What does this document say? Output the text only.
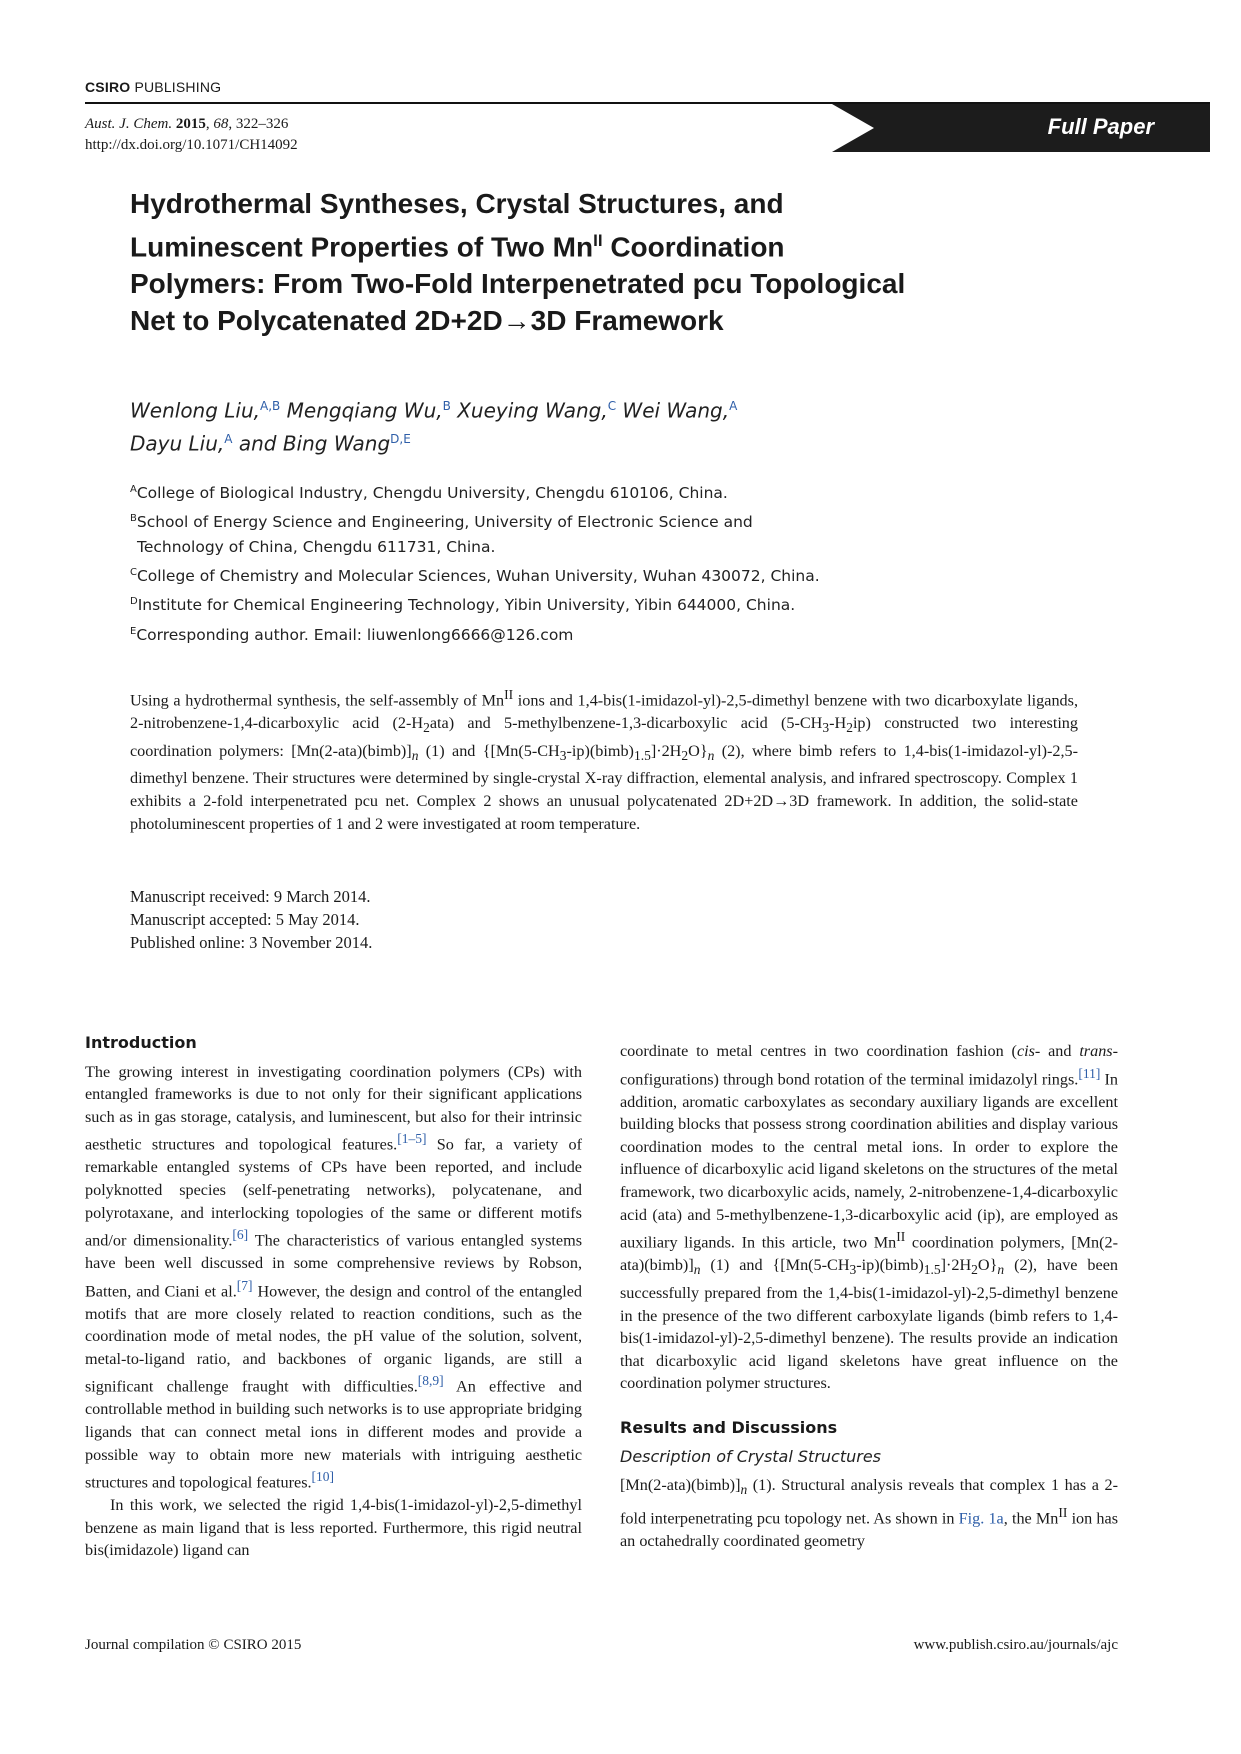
CSIRO PUBLISHING
Aust. J. Chem. 2015, 68, 322–326
http://dx.doi.org/10.1071/CH14092
Full Paper
Hydrothermal Syntheses, Crystal Structures, and
Luminescent Properties of Two $Mn^{II}$ Coordination
Polymers: From Two-Fold Interpenetrated pcu Topological
Net to Polycatenated 2D+2D→3D Framework
Wenlong Liu,$^{A,B}$ Mengqiang Wu,$^B$ Xueying Wang,$^C$ Wei Wang,$^A$
Dayu Liu,$^A$ and Bing Wang$^{D,E}$
$^A$College of Biological Industry, Chengdu University, Chengdu 610106, China.
$^B$School of Energy Science and Engineering, University of Electronic Science and
Technology of China, Chengdu 611731, China.
$^C$College of Chemistry and Molecular Sciences, Wuhan University, Wuhan 430072, China.
$^D$Institute for Chemical Engineering Technology, Yibin University, Yibin 644000, China.
$^E$Corresponding author. Email: liuwenlong6666@126.com
Using a hydrothermal synthesis, the self-assembly of $Mn^{II}$ ions and 1,4-bis(1-imidazol-yl)-2,5-dimethyl benzene with two dicarboxylate ligands, 2-nitrobenzene-1,4-dicarboxylic acid $(2-H_2ata)$ and 5-methylbenzene-1,3-dicarboxylic acid $(5-CH_3-H_2ip)$ constructed two interesting coordination polymers: $[Mn(2-ata)(bimb)]_n$ (1) and $\{[Mn(5-CH_3-ip)(bimb)_{1.5}]\cdot 2H_2O\}_n$ (2), where bimb refers to 1,4-bis(1-imidazol-yl)-2,5-dimethyl benzene. Their structures were determined by single-crystal X-ray diffraction, elemental analysis, and infrared spectroscopy. Complex 1 exhibits a 2-fold interpenetrated pcu net. Complex 2 shows an unusual polycatenated 2D+2D→3D framework. In addition, the solid-state photoluminescent properties of 1 and 2 were investigated at room temperature.
Manuscript received: 9 March 2014.
Manuscript accepted: 5 May 2014.
Published online: 3 November 2014.
Introduction

The growing interest in investigating coordination polymers (CPs) with entangled frameworks is due to not only for their significant applications such as in gas storage, catalysis, and luminescent, but also for their intrinsic aesthetic structures and topological features.[1–5] So far, a variety of remarkable entangled systems of CPs have been reported, and include polyknotted species (self-penetrating networks), polycatenane, and polyrotaxane, and interlocking topologies of the same or different motifs and/or dimensionality.[6] The characteristics of various entangled systems have been well discussed in some comprehensive reviews by Robson, Batten, and Ciani et al.[7] However, the design and control of the entangled motifs that are more closely related to reaction conditions, such as the coordination mode of metal nodes, the pH value of the solution, solvent, metal-to-ligand ratio, and backbones of organic ligands, are still a significant challenge fraught with difficulties.[8,9] An effective and controllable method in building such networks is to use appropriate bridging ligands that can connect metal ions in different modes and provide a possible way to obtain more new materials with intriguing aesthetic structures and topological features.[10]

In this work, we selected the rigid 1,4-bis(1-imidazol-yl)-2,5-dimethyl benzene as main ligand that is less reported. Furthermore, this rigid neutral bis(imidazole) ligand can

coordinate to metal centres in two coordination fashion (cis- and trans-configurations) through bond rotation of the terminal imidazolyl rings.[11] In addition, aromatic carboxylates as secondary auxiliary ligands are excellent building blocks that possess strong coordination abilities and display various coordination modes to the central metal ions. In order to explore the influence of dicarboxylic acid ligand skeletons on the structures of the metal framework, two dicarboxylic acids, namely, 2-nitrobenzene-1,4-dicarboxylic acid (ata) and 5-methylbenzene-1,3-dicarboxylic acid (ip), are employed as auxiliary ligands. In this article, two $Mn^{II}$ coordination polymers, $[Mn(2-ata)(bimb)]_n$ (1) and $\{[Mn(5-CH_3-ip)(bimb)_{1.5}]\cdot 2H_2O\}_n$ (2), have been successfully prepared from the 1,4-bis(1-imidazol-yl)-2,5-dimethyl benzene in the presence of the two different carboxylate ligands (bimb refers to 1,4-bis(1-imidazol-yl)-2,5-dimethyl benzene). The results provide an indication that dicarboxylic acid ligand skeletons have great influence on the coordination polymer structures.

Results and Discussions
Description of Crystal Structures

$[Mn(2-ata)(bimb)]_n$ (1). Structural analysis reveals that complex 1 has a 2-fold interpenetrating pcu topology net. As shown in Fig. 1a, the $Mn^{II}$ ion has an octahedrally coordinated geometry

Journal compilation © CSIRO 2015	www.publish.csiro.au/journals/ajc
